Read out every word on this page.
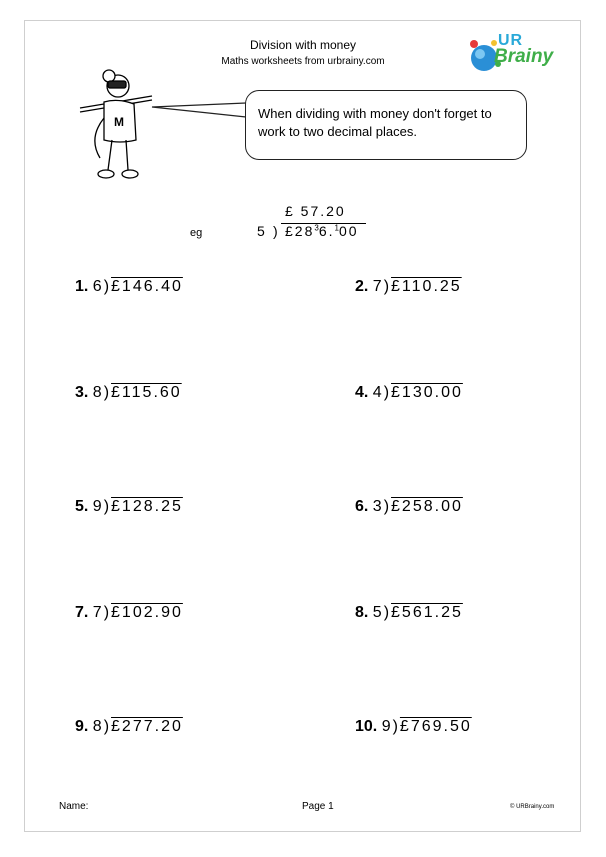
Division with money
Maths worksheets from urbrainy.com
UR
Brainy
M
When dividing with money don't forget to work to two decimal places.
eg
£ 57.20
5 ) $£28^36.^100$
1. 6)£146.40	2. 7)£110.25
3. 8)£115.60	4. 4)£130.00
5. 9)£128.25	6. 3)£258.00
7. 7)£102.90	8. 5)£561.25
9. 8)£277.20	10. 9)£769.50
Name:	Page 1	© URBrainy.com
